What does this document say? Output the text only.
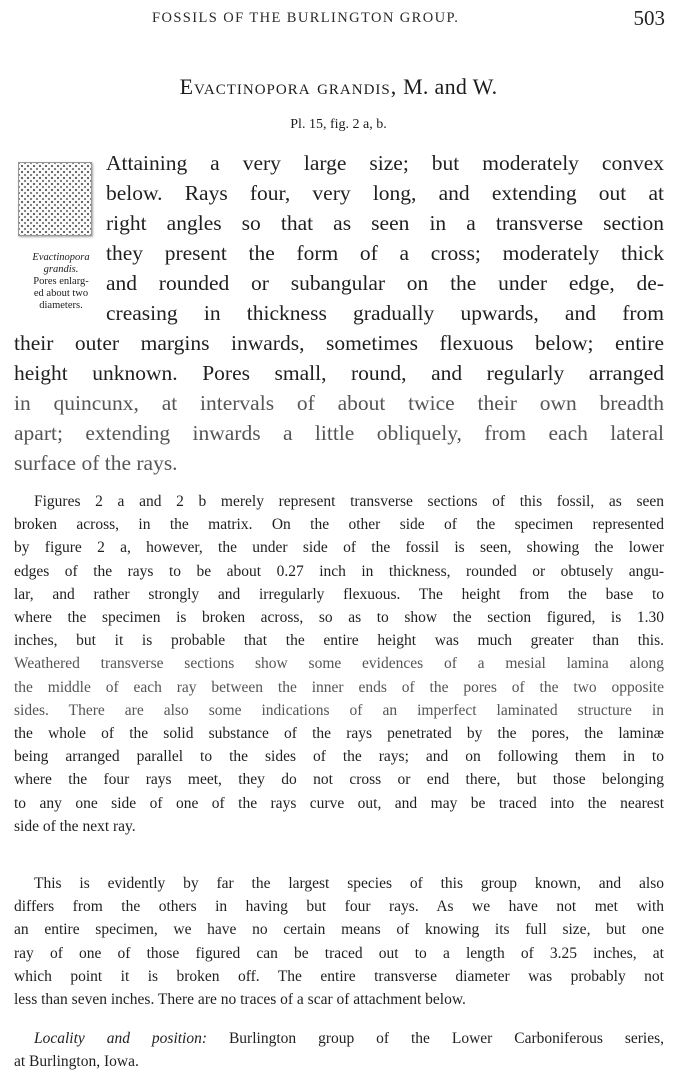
FOSSILS OF THE BURLINGTON GROUP.	503
Evactinopora grandis, M. and W.
Pl. 15, fig. 2 a, b.
Evactinopora grandis.
Pores enlarg-
ed about two
diameters.
Attaining a very large size; but moderately convex
below. Rays four, very long, and extending out at
right angles so that as seen in a transverse section
they present the form of a cross; moderately thick
and rounded or subangular on the under edge, de-
creasing in thickness gradually upwards, and from
their outer margins inwards, sometimes flexuous below; entire
height unknown. Pores small, round, and regularly arranged
in quincunx, at intervals of about twice their own breadth
apart; extending inwards a little obliquely, from each lateral
surface of the rays.
Figures 2 a and 2 b merely represent transverse sections of this fossil, as seen
broken across, in the matrix. On the other side of the specimen represented
by figure 2 a, however, the under side of the fossil is seen, showing the lower
edges of the rays to be about 0.27 inch in thickness, rounded or obtusely angu-
lar, and rather strongly and irregularly flexuous. The height from the base to
where the specimen is broken across, so as to show the section figured, is 1.30
inches, but it is probable that the entire height was much greater than this.
Weathered transverse sections show some evidences of a mesial lamina along
the middle of each ray between the inner ends of the pores of the two opposite
sides. There are also some indications of an imperfect laminated structure in
the whole of the solid substance of the rays penetrated by the pores, the laminæ
being arranged parallel to the sides of the rays; and on following them in to
where the four rays meet, they do not cross or end there, but those belonging
to any one side of one of the rays curve out, and may be traced into the nearest
side of the next ray.
This is evidently by far the largest species of this group known, and also
differs from the others in having but four rays. As we have not met with
an entire specimen, we have no certain means of knowing its full size, but one
ray of one of those figured can be traced out to a length of 3.25 inches, at
which point it is broken off. The entire transverse diameter was probably not
less than seven inches. There are no traces of a scar of attachment below.
Locality and position: Burlington group of the Lower Carboniferous series,
at Burlington, Iowa.
